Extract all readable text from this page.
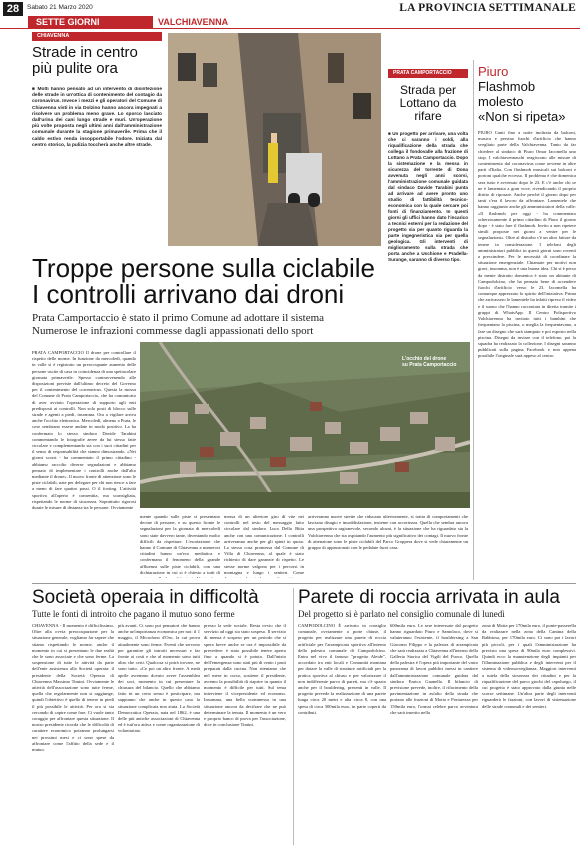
28	Sabato 21 Marzo 2020	LA PROVINCIA SETTIMANALE
SETTE GIORNI	VALCHIAVENNA
CHIAVENNA
Strade in centro più pulite ora
■ Molti hanno pensato ad un intervento di disinfezione delle strade in un'ottica di contenimento del contagio da coronavirus. Invece i mezzi e gli operatori del Comune di Chiavenna visti in via Dolzino hanno ancora impegnati a risolvere un problema meno grave. Lo sporco lasciato dall'urina dei cani lungo strade e muri. Un'operazione più volte proposta negli ultimi anni dall'amministrazione comunale durante la stagione primaverile. Prima che il caldo estivo renda insopportabile l'odore. Iniziata dal centro storico, la pulizia toccherà anche altre strade.
PRATA CAMPORTACCIO
Strada per Lottano da rifare
■ Un progetto per arrivare, una volta che ci saranno i soldi, alla riqualificazione della strada che collega il fondovalle alla frazione di Lottano a Prata Camportaccio. Dopo la sistemazione e la messa in sicurezza del torrente di Dona avvenuta negli anni scorsi, l'amministrazione comunale guidata dal sindaco Davide Tarabini punta ad arrivare ad avere pronto uno studio di fattibilità tecnico-economica con la quale cercare poi fonti di finanziamento. In questi giorni gli uffici hanno dato l'incarico a tecnici esterni per la redazione del progetto sia per quanto riguarda la parte ingegneristica sia per quella geologica. Gli interventi di miglioramento sulla strada che porta anche a Uschione e Pradella-Surange, saranno di diverso tipo.
Piuro
Flashmob
molesto
«Non si ripeta»
PIURO Canti fino a notte inoltrata da balconi, musica e persino fuochi d'artificio che hanno svegliato parte della Valchiavenna. Tanto da far chiedere al sindaco di Piuro Omar Iacomella uno stop. I valchiavennaschi reagiscono alle misure di contenimento dal coronavirus come avviene in altre parti d'Italia. Con flashmob musicali sui balconi e portoni qualche eccesso. Il problema è che domenica sera tutto è avvenuto dopo le 23. E c'è anche chi se ne è lamentata a gran voce, rivendicando il proprio diritto di riposare. Anche perché il giorno dopo per tanti c'era il lavoro da affrontare. Lamentele che hanno raggiunto anche gli amministratori della valle: «Il flashmob per oggi - ha commentato scherzosamente il primo cittadino di Piuro il giorno dopo - è stato fare il flashmob. Invito a non ripetere simili proposte nei giorni a venire per le segnalazioni». Oltre al disturbo c'è un altro fattore da tenere in considerazione. I telefoni degli amministratori pubblici in questi giorni sono roventi a prescindere. Per le necessità di coordinare la situazione emergenziale. Chiamate per motivi non gravi, insomma, non è una buona idea. Chi si è perso da mente distratto domenica è stato un abitante di Campodolcino, che ha pensato bene di accendere fuochi d'artificio verso le 23. Iacomella ha comunque apprezzato lo spirito dell'iniziativa. Prima che arrivassero le lamentele ha infatti ripreso il video e il suono che l'hanno raccontata in diretta tramite i gruppi di WhatsApp. Il Centro Polisportivo Valchiavenna ha invitato tutti i bambini che frequentano la piscina, o meglia la frequentavano, a fare un disegno che sarà stampato e poi esposto nella piscina. Disegni da inviare con il telefono, poi la squadra ha realizzato la collezione. I disegni saranno pubblicati sulla pagina Facebook e non appena possibile l'originale sarà appeso al centro.
Troppe persone sulla ciclabile
I controlli arrivano dai droni
Prata Camportaccio è stato il primo Comune ad adottare il sistema
Numerose le infrazioni commesse dagli appassionati dello sport
PRATA CAMPORTACCIO Il drone per controllare il rispetto delle norme. In funzione da mercoledì, quando in valle si è registrato un preoccupante aumento delle persone uscite di casa in coincidenza di una spettacolare giornata primaverile. Spesso contravvenendo alle disposizioni previste dall'ultimo decreto del Governo per il contenimento del coronavirus. Questa la mossa del Comune di Prata Camportaccio, che ha comunicato di aver avviato l'operazione di supporto agli enti predisposti ai controlli. Non solo posti di blocco sulle strade e agenti a piedi, insomma. Ora a vigilare arriva anche l'occhio elettronico. Mercoledì, almeno a Prata, le cose sembrano essere andate in modo positivo. La ha confermato lo stesso sindaco Davide Tarabini commentando le fotografie aeree da lui stesso fatte circolare e complementando sia con i suoi cittadini per il senso di responsabilità che stanno dimostrando. «Nei giorni scorsi - ha commentato il primo cittadino - abbiamo raccolto diverse segnalazioni e abbiamo pensato di implementare i controlli anche dall'alto mediante il drone». Il nuovo fronte di attenzione sono le piste ciclabili, nate per delegare per chi non riesce a fare a meno di fare quattro passi. O il footing. L'attività sportiva all'aperto è consentita, ma sconsigliata, rispettando le norme di sicurezza. Soprattutto rigorosi durate le misure di distanza tra le persone. Ovviamente
L'occhio del drone
su Prata Camportaccio
mente quando sulle piste si presentano decine di persone, e su questo fronte le segnalazioni per la giornata di mercoledì sono state davvero tante, diventando molto difficili da rispettare. L'esortazione che hanno il Comune di Chiavenna a numerosi cittadini hanno un'eco mediatica e confermano il fenomeno della grande affluenza sulle piste ciclabili, con una dichiarazione in cui si è chiesto a tutti di
messa di un ulteriore giro di vite nei controlli nel testo del messaggio fatto circolare dal sindaco Luca Della Bitta anche con una comunicazione. I controlli arriveranno anche per gli spinti in quota. La stessa cosa promessa dal Comune di Villa di Chiavenna, al quale è stato richiesto di dare garanzie di rispetto. Le stesse norme valgono per i percorsi in montagna e lungo i sentieri. Come
arriveranno nuove strette che riducano ulteriormente, si tratta di comportamenti che lasciano disagio e insoddisfazione, insieme con accortezza. Quella che sembra ancora una prospettiva ragionevole, secondo alcuni, è la situazione che ha riguardato sia la Valchiavenna che sta ospitando l'aumento più significativo dei contagi. Il nuovo fronte di attenzione sono le piste ciclabili del Parco Groppera dove si vede chiaramente un gruppo di appassionati con le pedalate fuori casa.
Società operaia in difficoltà
Tutte le fonti di introito che pagano il mutuo sono ferme
CHIAVENNA - Il momento è difficilissimo. Oltre alla ovvia preoccupazione per la situazione generale, vogliamo far sapere che stiamo rispettando le norme, anche il momento in cui si presentano le due realtà che le sono associate e che sono ferme. La sospensione di tutte le attività da parte dell'ente assistenza alla Società operaia: il presidente della Società Operaia di Chiavenna Massimo Timini. Ovviamente le attività dell'associazione sono tutte ferme, quella che regolarmente non si raggiunge, quindi l'obiettivo è quello di tenere in piedi il più possibile le attività. Per ora si sta cercando di capire come fare. Ci vuole tanto coraggio per affrontare questa situazione. Il nostro presidente ricorda che le difficoltà di carattere economico potranno prolungarsi nei prossimi mesi e ci sono spese da affrontare come l'affitto della sede e il mutuo.
più avanti. Ci sono poi pensatori che hanno anche un'importanza economica per noi: il 1 maggio, il Microfono d'Oro, la cui prova attualmente sono ferme. Eventi che servono per garantire gli introiti necessari e far fronte ai costi e che al momento sono tutti altro che certi. Qualcosa si potrà trovare, ne sono tutto. «Ce poi un altro fronte. A metà aprile avremmo dovuto avere l'assemblea dei soci, momento in cui presentare la chiusura del bilancio. Quello che abbiamo fatto in un certo senso è posticipare, ma sappiamo che anche in questo caso la situazione complicata non aiuta. La Società Democratica Operaia, nata nel 1862, è una delle più antiche associazioni di Chiavenna ed è tutt'ora attiva e come organizzazione di volontariato.
presso la sede sociale. Resta ovvio che il servizio ad oggi sia stato sospeso. Il servizio di mensa è sospeso per un periodo che si spera breve anche se ora è impossibile da prevedere: è stato possibile tenere aperto fino a quando si è potuto. Dall'inizio dell'emergenza sono stati più di cento i pasti preparati dalla cucina. Non riteniamo che nel mese in corso, sostiene il presidente, avremo la possibilità di riaprire in quanto il momento è difficile per tutti. Sul tema interviene il vicepresidente ed economo. Insomma, una bella scommessa in una situazione ancora da decifrare che ne può determinare la tenuta. Il momento è un vero e proprio banco di prova per l'associazione, dice in conclusione Timini.
Parete di roccia arrivata in aula
Del progetto si è parlato nel consiglio comunale di lunedì
CAMPODOLCINO È arrivato in consiglio comunale, ovviamente a porte chiuse, il progetto per realizzare una parete di roccia artificiale per l'arrampicata sportiva all'interno della palestra comunale di Campodolcino. Entra nel vivo il famoso "progetto Aleide", accordato tra enti locali e Comunità montana per dotare la valle di strutture artificiali per la pratica sportiva al chiuso e per valorizzare il non indifferente parco di pareti, ma c'è spazio anche per il bouldering, presenti in valle. Il progetto prevede la realizzazione di una parete lunga circa 20 metri e alta circa 8, con una spesa di circa 300mila euro, in parte coperti da contributi.
600mila euro. Le sere interessate dal progetto hanno riguardato Piuro e Samolaco, dove si valuteranno l'esistente, il boulderxing a San Giacomo Filippo e la palestra di arrampicata che sarà realizzata a Chiavenna all'interno della Galleria Storica del Vigili del Fuoco. Quella della palestra è l'opera più importante del vasto panorama di lavori pubblici messi in cantiere dall'amministrazione comunale guidata dal sindaco Enrica Guanella. Il bilancio di previsione prevede, inoltre, il rifacimento della pavimentazione in asfalto della strada che portano alle frazioni di Motta e Portarezza per 150mila euro, l'ormai celebre parco avventura che sarà inserito nella
zona di Motta per 170mila euro, il ponte-passerella da realizzare nella zona della Cantina della Rabbiosa, per 170mila euro. Ci sono poi i lavori più piccoli, per i quali l'amministrazione ha previsto una spesa di 90mila euro complessivi. Quindi ecco la manutenzione degli impianti per l'illuminazione pubblica e degli interventi per il sistema di videosorveglianza. Maggiori interventi a tutela della sicurezza dei cittadini e per la riqualificazione del parco giochi del capoluogo, il cui progetto è stato approvato dalla giunta nelle scorse settimane. Un'altra parte degli interventi riguarderà le frazioni, con lavori di sistemazione delle strade comunali e dei sentieri.
